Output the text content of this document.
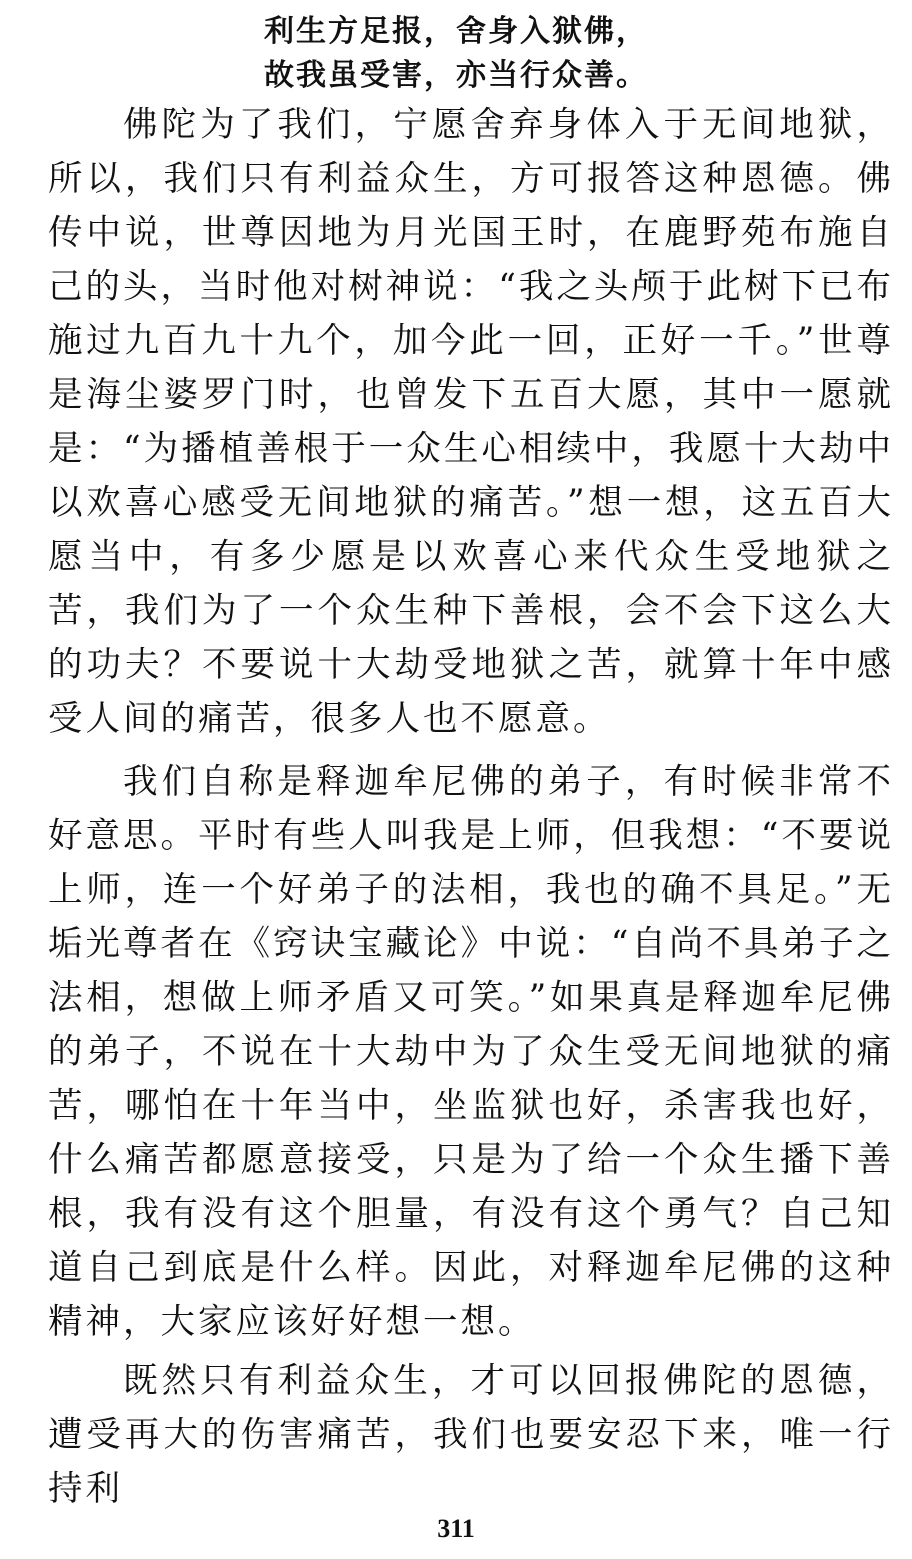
利生方足报，舍身入狱佛，
故我虽受害，亦当行众善。

佛陀为了我们，宁愿舍弃身体入于无间地狱，所以，我们只有利益众生，方可报答这种恩德。佛传中说，世尊因地为月光国王时，在鹿野苑布施自己的头，当时他对树神说：“我之头颅于此树下已布施过九百九十九个，加今此一回，正好一千。”世尊是海尘婆罗门时，也曾发下五百大愿，其中一愿就是：“为播植善根于一众生心相续中，我愿十大劫中以欢喜心感受无间地狱的痛苦。”想一想，这五百大愿当中，有多少愿是以欢喜心来代众生受地狱之苦，我们为了一个众生种下善根，会不会下这么大的功夫？不要说十大劫受地狱之苦，就算十年中感受人间的痛苦，很多人也不愿意。

我们自称是释迦牟尼佛的弟子，有时候非常不好意思。平时有些人叫我是上师，但我想：“不要说上师，连一个好弟子的法相，我也的确不具足。”无垢光尊者在《窍诀宝藏论》中说：“自尚不具弟子之法相，想做上师矛盾又可笑。”如果真是释迦牟尼佛的弟子，不说在十大劫中为了众生受无间地狱的痛苦，哪怕在十年当中，坐监狱也好，杀害我也好，什么痛苦都愿意接受，只是为了给一个众生播下善根，我有没有这个胆量，有没有这个勇气？自己知道自己到底是什么样。因此，对释迦牟尼佛的这种精神，大家应该好好想一想。

既然只有利益众生，才可以回报佛陀的恩德，遭受再大的伤害痛苦，我们也要安忍下来，唯一行持利

311
